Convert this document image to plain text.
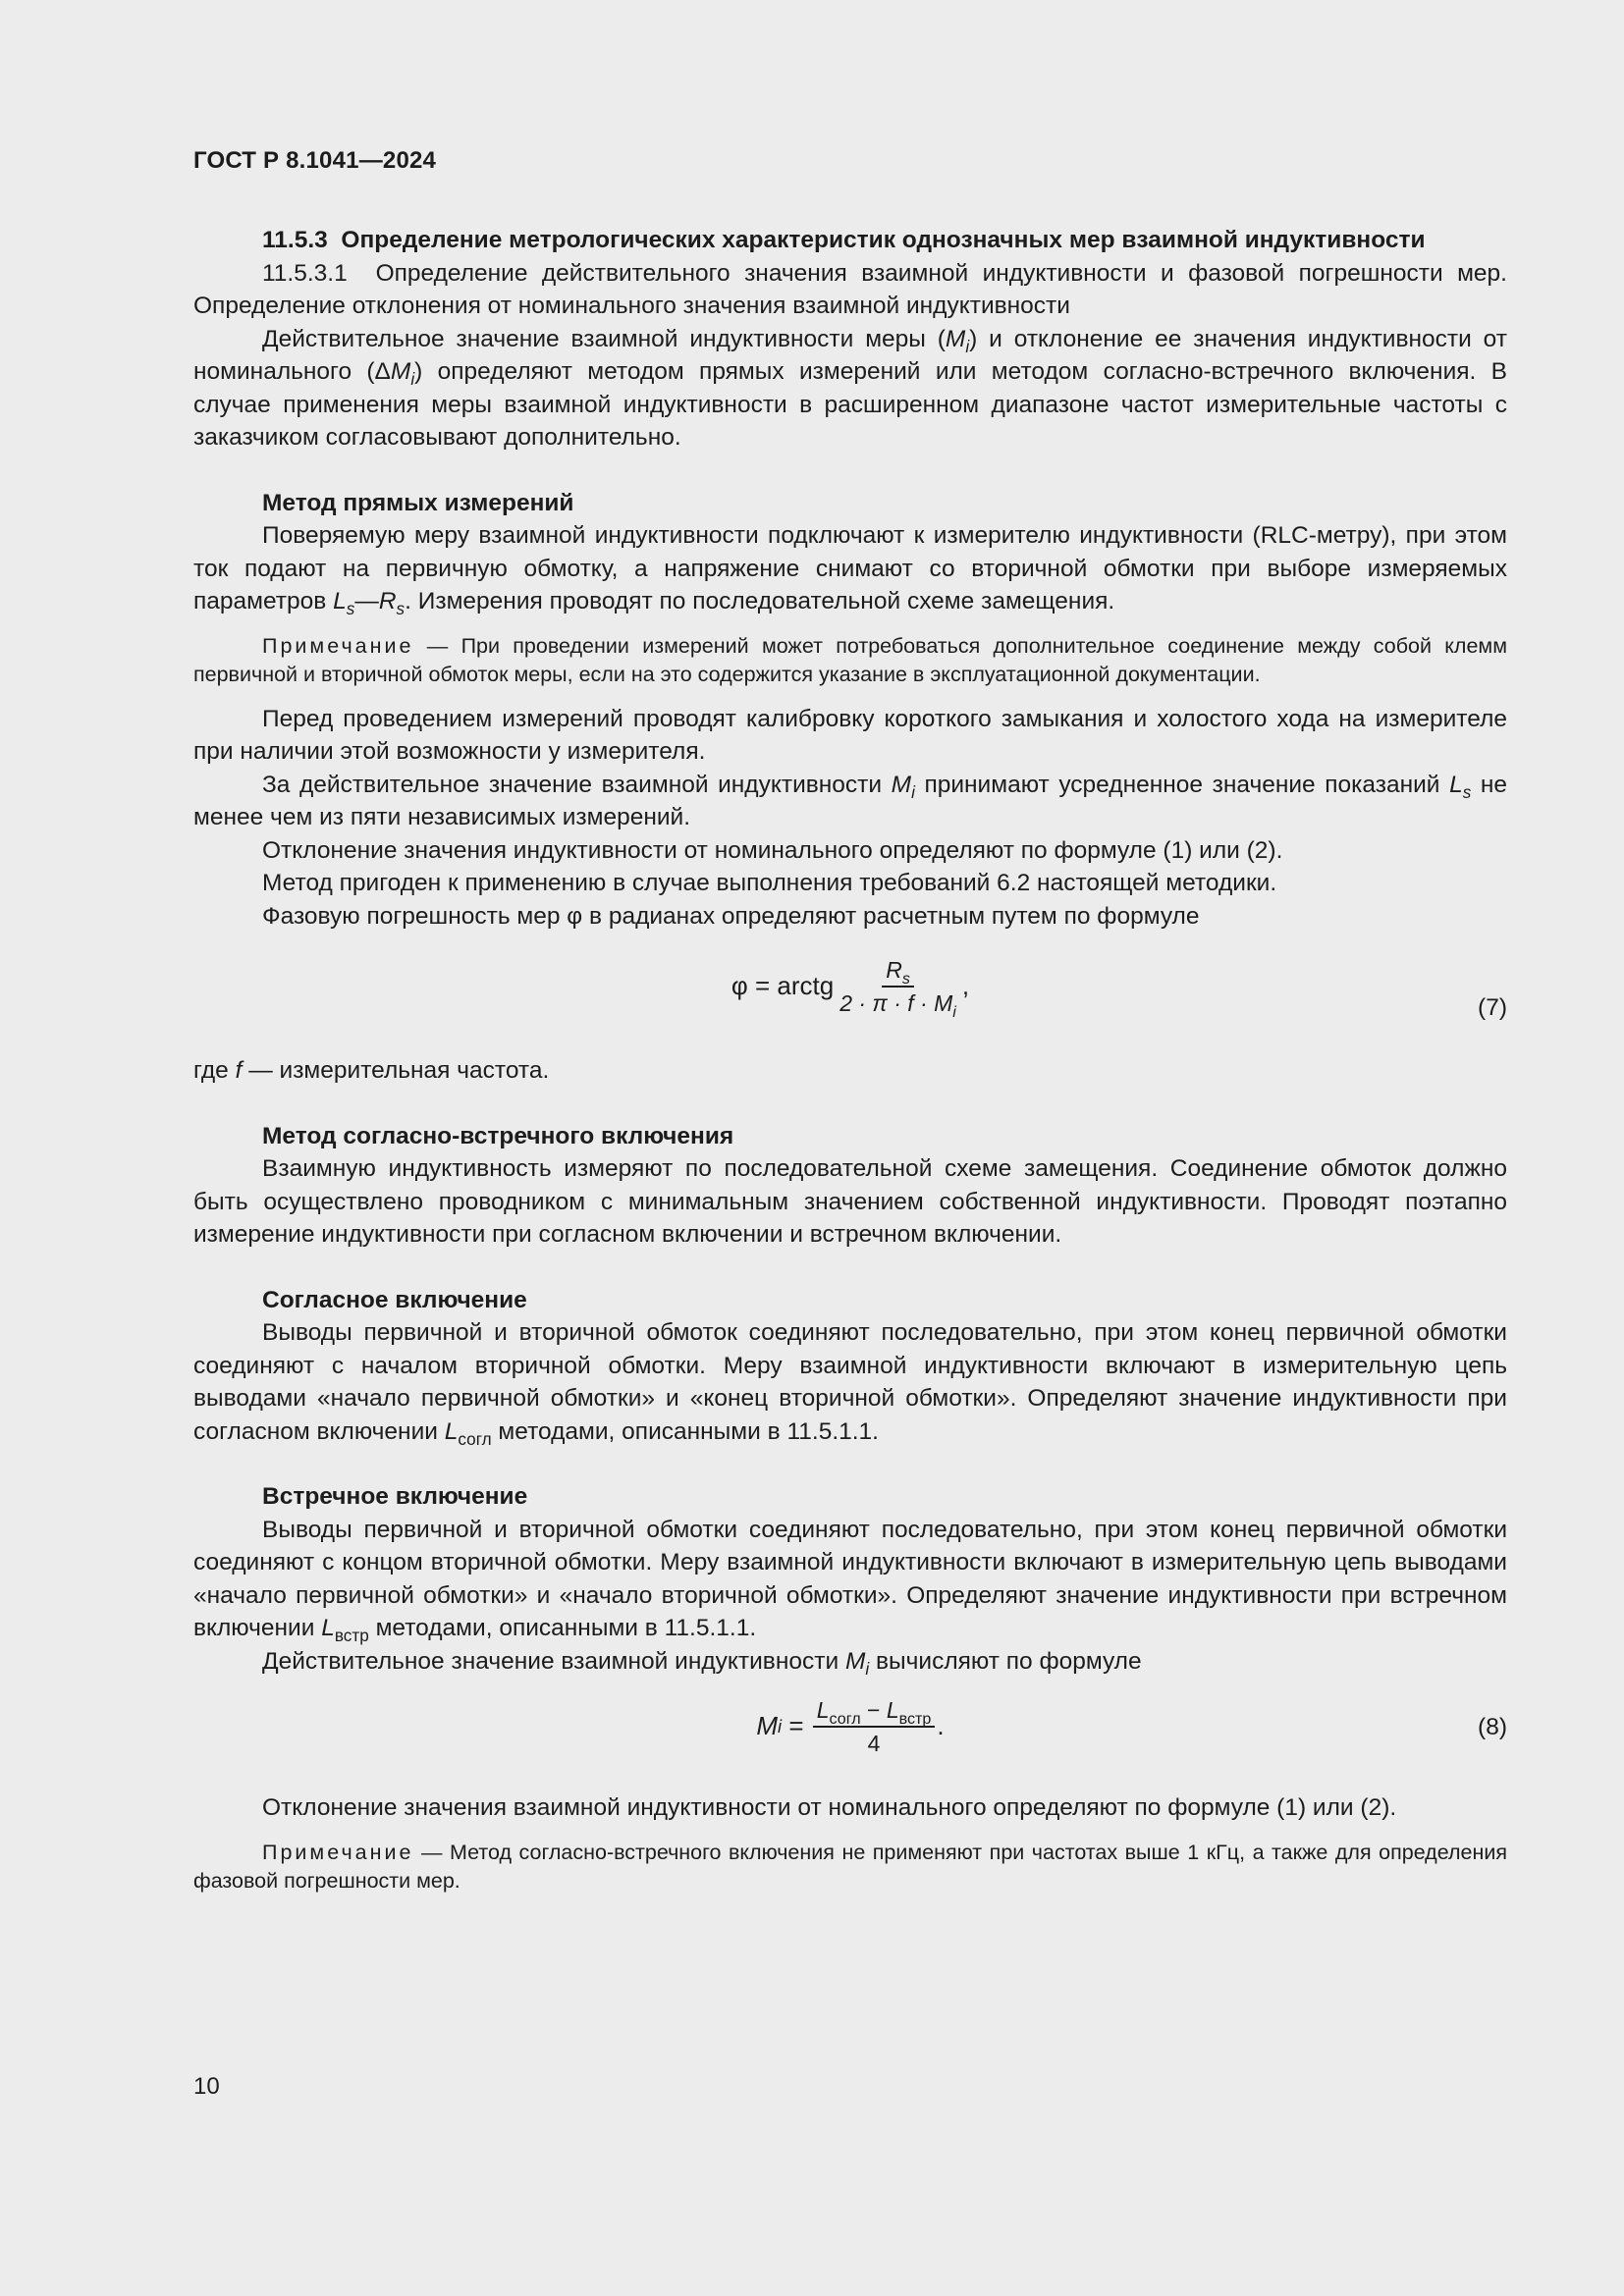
ГОСТ Р 8.1041—2024

11.5.3 Определение метрологических характеристик однозначных мер взаимной индуктивности

11.5.3.1 Определение действительного значения взаимной индуктивности и фазовой погрешности мер. Определение отклонения от номинального значения взаимной индуктивности

Действительное значение взаимной индуктивности меры $(M_i)$ и отклонение ее значения индуктивности от номинального $(\Delta M_i)$ определяют методом прямых измерений или методом согласно-встречного включения. В случае применения меры взаимной индуктивности в расширенном диапазоне частот измерительные частоты с заказчиком согласовывают дополнительно.

Метод прямых измерений

Поверяемую меру взаимной индуктивности подключают к измерителю индуктивности (RLC-метру), при этом ток подают на первичную обмотку, а напряжение снимают со вторичной обмотки при выборе измеряемых параметров $L_s—R_s$. Измерения проводят по последовательной схеме замещения.

Примечание — При проведении измерений может потребоваться дополнительное соединение между собой клемм первичной и вторичной обмоток меры, если на это содержится указание в эксплуатационной документации.

Перед проведением измерений проводят калибровку короткого замыкания и холостого хода на измерителе при наличии этой возможности у измерителя.

За действительное значение взаимной индуктивности $M_i$ принимают усредненное значение показаний $L_s$ не менее чем из пяти независимых измерений.

Отклонение значения индуктивности от номинального определяют по формуле (1) или (2).

Метод пригоден к применению в случае выполнения требований 6.2 настоящей методики.

Фазовую погрешность мер φ в радианах определяют расчетным путем по формуле

φ = arctg $\frac{R_s}{2 \cdot \pi \cdot f \cdot M_i}$ ,
(7)

где f — измерительная частота.

Метод согласно-встречного включения

Взаимную индуктивность измеряют по последовательной схеме замещения. Соединение обмоток должно быть осуществлено проводником с минимальным значением собственной индуктивности. Проводят поэтапно измерение индуктивности при согласном включении и встречном включении.

Согласное включение

Выводы первичной и вторичной обмоток соединяют последовательно, при этом конец первичной обмотки соединяют с началом вторичной обмотки. Меру взаимной индуктивности включают в измерительную цепь выводами «начало первичной обмотки» и «конец вторичной обмотки». Определяют значение индуктивности при согласном включении $L_{согл}$ методами, описанными в 11.5.1.1.

Встречное включение

Выводы первичной и вторичной обмотки соединяют последовательно, при этом конец первичной обмотки соединяют с концом вторичной обмотки. Меру взаимной индуктивности включают в измерительную цепь выводами «начало первичной обмотки» и «начало вторичной обмотки». Определяют значение индуктивности при встречном включении $L_{встр}$ методами, описанными в 11.5.1.1.

Действительное значение взаимной индуктивности $M_i$ вычисляют по формуле

M $i = \frac{L_{согл} - L_{встр}}{4}$ .	(8)

Отклонение значения взаимной индуктивности от номинального определяют по формуле (1) или (2).

Примечание — Метод согласно-встречного включения не применяют при частотах выше 1 кГц, а также для определения фазовой погрешности мер.

10
